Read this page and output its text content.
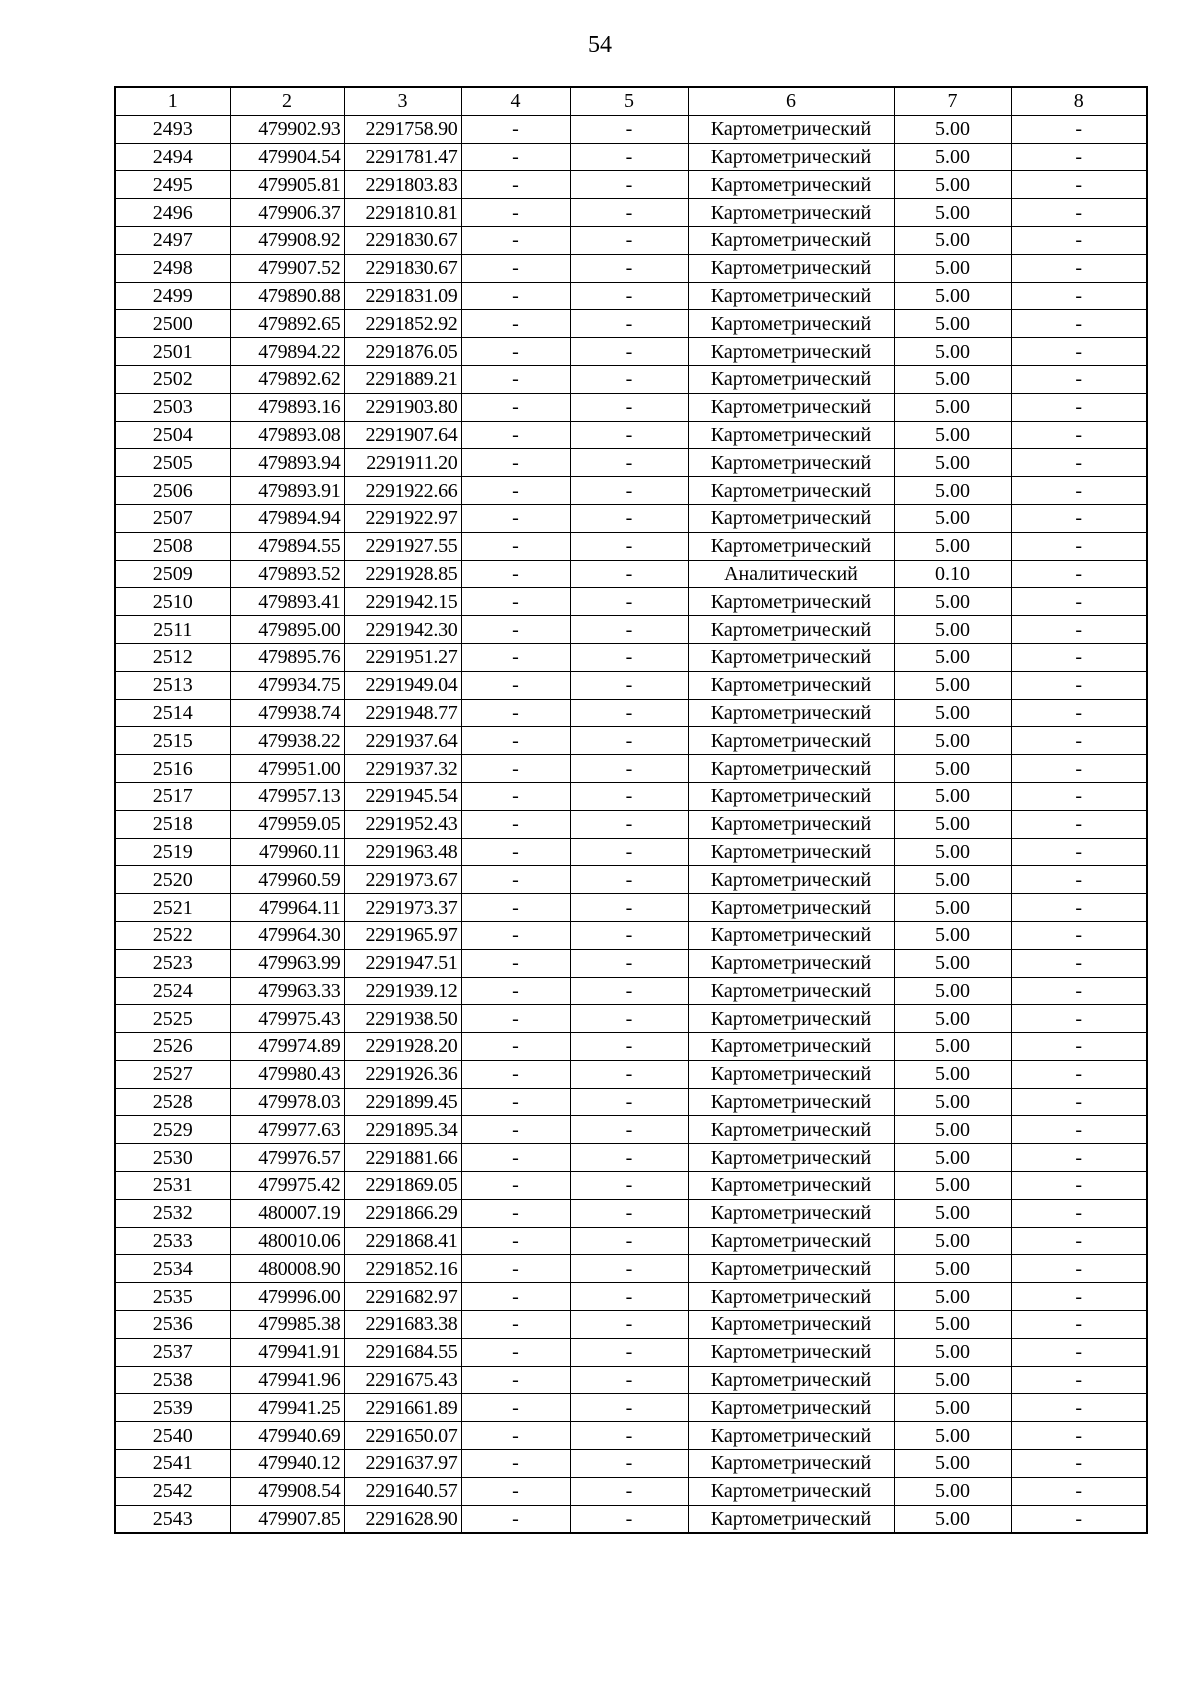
54
1	2	3	4	5	6	7	8
2493	479902.93	2291758.90	-	-	Картометрический	5.00	-
2494	479904.54	2291781.47	-	-	Картометрический	5.00	-
2495	479905.81	2291803.83	-	-	Картометрический	5.00	-
2496	479906.37	2291810.81	-	-	Картометрический	5.00	-
2497	479908.92	2291830.67	-	-	Картометрический	5.00	-
2498	479907.52	2291830.67	-	-	Картометрический	5.00	-
2499	479890.88	2291831.09	-	-	Картометрический	5.00	-
2500	479892.65	2291852.92	-	-	Картометрический	5.00	-
2501	479894.22	2291876.05	-	-	Картометрический	5.00	-
2502	479892.62	2291889.21	-	-	Картометрический	5.00	-
2503	479893.16	2291903.80	-	-	Картометрический	5.00	-
2504	479893.08	2291907.64	-	-	Картометрический	5.00	-
2505	479893.94	2291911.20	-	-	Картометрический	5.00	-
2506	479893.91	2291922.66	-	-	Картометрический	5.00	-
2507	479894.94	2291922.97	-	-	Картометрический	5.00	-
2508	479894.55	2291927.55	-	-	Картометрический	5.00	-
2509	479893.52	2291928.85	-	-	Аналитический	0.10	-
2510	479893.41	2291942.15	-	-	Картометрический	5.00	-
2511	479895.00	2291942.30	-	-	Картометрический	5.00	-
2512	479895.76	2291951.27	-	-	Картометрический	5.00	-
2513	479934.75	2291949.04	-	-	Картометрический	5.00	-
2514	479938.74	2291948.77	-	-	Картометрический	5.00	-
2515	479938.22	2291937.64	-	-	Картометрический	5.00	-
2516	479951.00	2291937.32	-	-	Картометрический	5.00	-
2517	479957.13	2291945.54	-	-	Картометрический	5.00	-
2518	479959.05	2291952.43	-	-	Картометрический	5.00	-
2519	479960.11	2291963.48	-	-	Картометрический	5.00	-
2520	479960.59	2291973.67	-	-	Картометрический	5.00	-
2521	479964.11	2291973.37	-	-	Картометрический	5.00	-
2522	479964.30	2291965.97	-	-	Картометрический	5.00	-
2523	479963.99	2291947.51	-	-	Картометрический	5.00	-
2524	479963.33	2291939.12	-	-	Картометрический	5.00	-
2525	479975.43	2291938.50	-	-	Картометрический	5.00	-
2526	479974.89	2291928.20	-	-	Картометрический	5.00	-
2527	479980.43	2291926.36	-	-	Картометрический	5.00	-
2528	479978.03	2291899.45	-	-	Картометрический	5.00	-
2529	479977.63	2291895.34	-	-	Картометрический	5.00	-
2530	479976.57	2291881.66	-	-	Картометрический	5.00	-
2531	479975.42	2291869.05	-	-	Картометрический	5.00	-
2532	480007.19	2291866.29	-	-	Картометрический	5.00	-
2533	480010.06	2291868.41	-	-	Картометрический	5.00	-
2534	480008.90	2291852.16	-	-	Картометрический	5.00	-
2535	479996.00	2291682.97	-	-	Картометрический	5.00	-
2536	479985.38	2291683.38	-	-	Картометрический	5.00	-
2537	479941.91	2291684.55	-	-	Картометрический	5.00	-
2538	479941.96	2291675.43	-	-	Картометрический	5.00	-
2539	479941.25	2291661.89	-	-	Картометрический	5.00	-
2540	479940.69	2291650.07	-	-	Картометрический	5.00	-
2541	479940.12	2291637.97	-	-	Картометрический	5.00	-
2542	479908.54	2291640.57	-	-	Картометрический	5.00	-
2543	479907.85	2291628.90	-	-	Картометрический	5.00	-
